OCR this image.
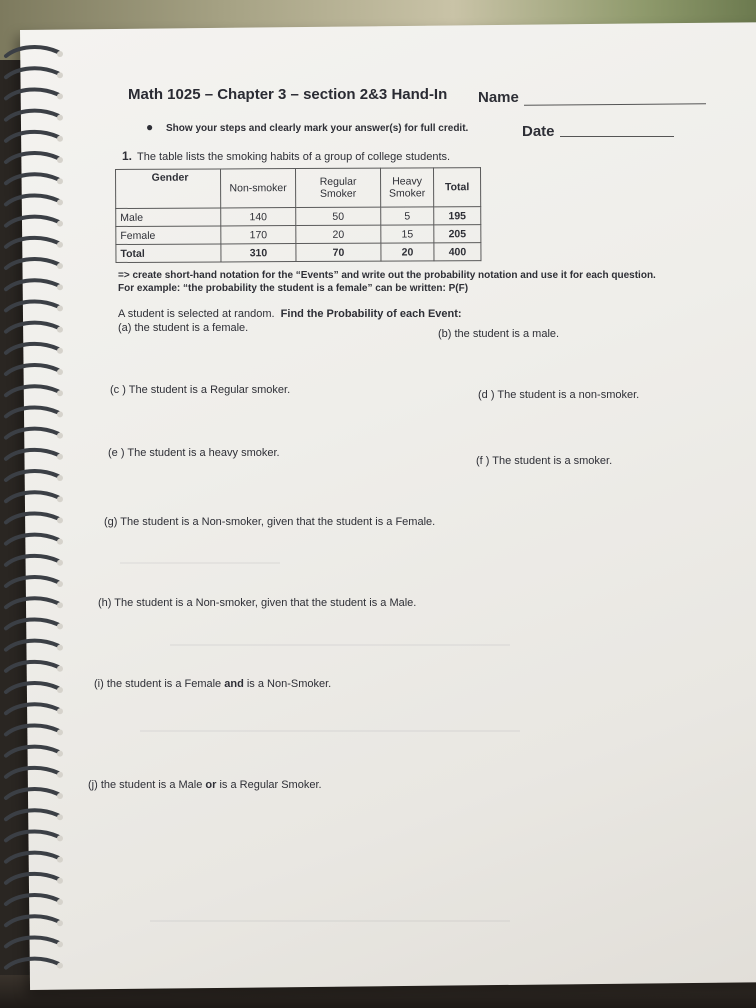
Math 1025 – Chapter 3 – section 2&3 Hand-In Name
● Show your steps and clearly mark your answer(s) for full credit.	Date
1. The table lists the smoking habits of a group of college students.
Gender	Non-smoker	Regular Smoker	Heavy Smoker	Total
Male	140	50	5	195
Female	170	20	15	205
Total	310	70	20	400
=> create short-hand notation for the “Events” and write out the probability notation and use it for each question.
For example: “the probability the student is a female” can be written: P(F)
A student is selected at random. Find the Probability of each Event:
(a) the student is a female.	(b) the student is a male.
(c ) The student is a Regular smoker.	(d ) The student is a non-smoker.
(e ) The student is a heavy smoker.
(f ) The student is a smoker.
(g) The student is a Non-smoker, given that the student is a Female.
(h) The student is a Non-smoker, given that the student is a Male.
(i) the student is a Female and is a Non-Smoker.
(j) the student is a Male or is a Regular Smoker.
